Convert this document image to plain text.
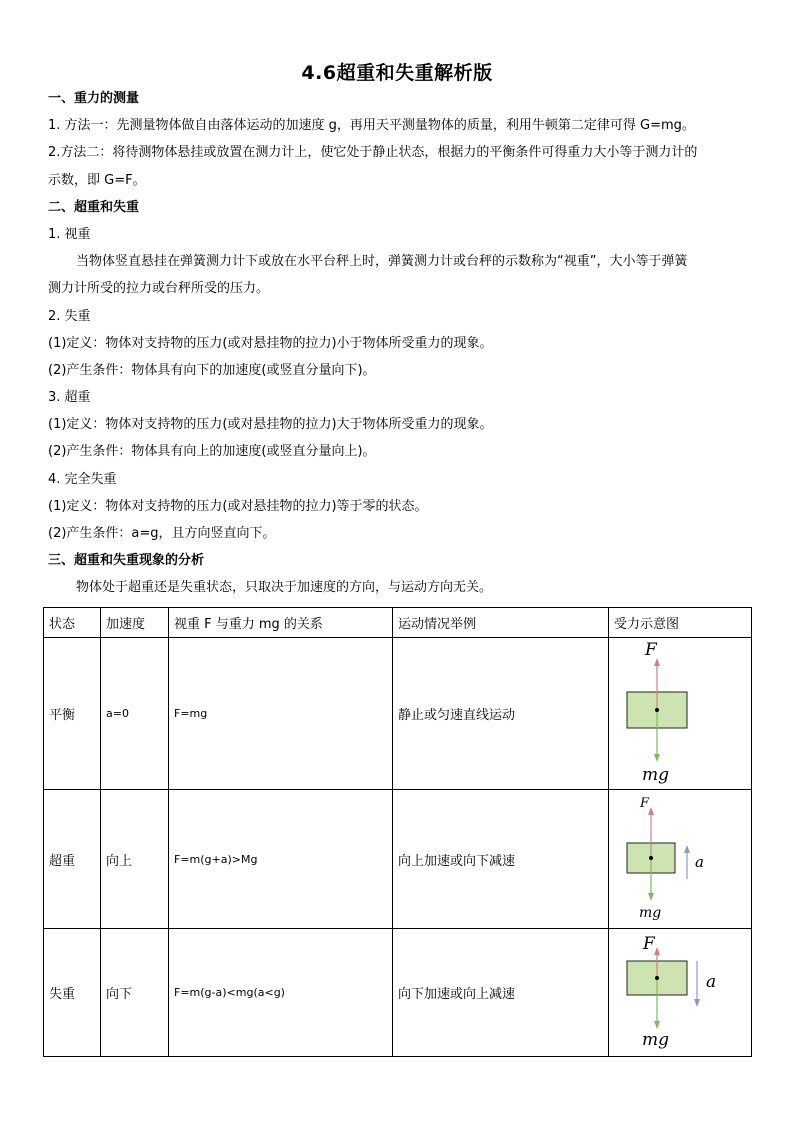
4.6超重和失重解析版
一、重力的测量
1. 方法一：先测量物体做自由落体运动的加速度 g，再用天平测量物体的质量，利用牛顿第二定律可得 G=mg。
2.方法二：将待测物体悬挂或放置在测力计上，使它处于静止状态，根据力的平衡条件可得重力大小等于测力计的
示数，即 G=F。
二、超重和失重
1. 视重
当物体竖直悬挂在弹簧测力计下或放在水平台秤上时，弹簧测力计或台秤的示数称为“视重”，大小等于弹簧
测力计所受的拉力或台秤所受的压力。
2. 失重
(1)定义：物体对支持物的压力(或对悬挂物的拉力)小于物体所受重力的现象。
(2)产生条件：物体具有向下的加速度(或竖直分量向下)。
3. 超重
(1)定义：物体对支持物的压力(或对悬挂物的拉力)大于物体所受重力的现象。
(2)产生条件：物体具有向上的加速度(或竖直分量向上)。
4. 完全失重
(1)定义：物体对支持物的压力(或对悬挂物的拉力)等于零的状态。
(2)产生条件：a=g，且方向竖直向下。
三、超重和失重现象的分析
物体处于超重还是失重状态，只取决于加速度的方向，与运动方向无关。
状态	加速度	视重 F 与重力 mg 的关系	运动情况举例	受力示意图
平衡	a=0	F=mg	静止或匀速直线运动	F
mg

超重	向上	F=m(g+a)>Mg	向上加速或向下减速	F
mg
a

失重	向下	F=m(g-a)<mg(a<g)	向下加速或向上减速	F
mg
a
